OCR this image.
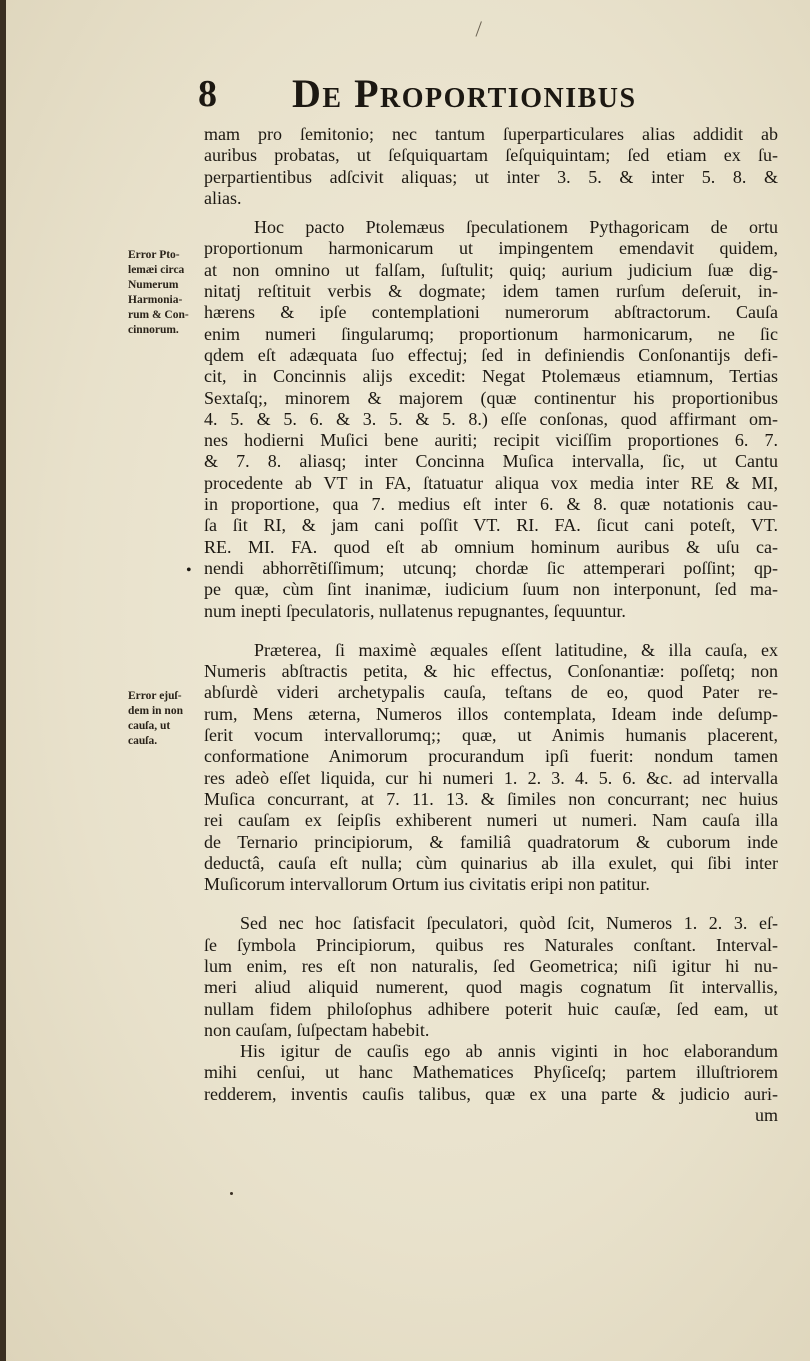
8 De Proportionibus
Error Pto-
lemæi circa
Numerum
Harmonia-
rum & Con-
cinnorum.
Error ejuſ-
dem in non
cauſa, ut
cauſa.
•
mam pro ſemitonio; nec tantum ſuperparticulares alias addidit ab
auribus probatas, ut ſeſquiquartam ſeſquiquintam; ſed etiam ex ſu-
perpartientibus adſcivit aliquas; ut inter 3. 5. & inter 5. 8. &
alias.
Hoc pacto Ptolemæus ſpeculationem Pythagoricam de ortu
proportionum harmonicarum ut impingentem emendavit quidem,
at non omnino ut falſam, ſuſtulit; quiq; aurium judicium ſuæ dig-
nitatj reſtituit verbis & dogmate; idem tamen rurſum deſeruit, in-
hærens & ipſe contemplationi numerorum abſtractorum. Cauſa
enim numeri ſingularumq; proportionum harmonicarum, ne ſic
qdem eſt adæquata ſuo effectuj; ſed in definiendis Conſonantijs defi-
cit, in Concinnis alijs excedit: Negat Ptolemæus etiamnum, Tertias
Sextaſq;, minorem & majorem (quæ continentur his proportionibus
4. 5. & 5. 6. & 3. 5. & 5. 8.) eſſe conſonas, quod affirmant om-
nes hodierni Muſici bene auriti; recipit viciſſim proportiones 6. 7.
& 7. 8. aliasq; inter Concinna Muſica intervalla, ſic, ut Cantu
procedente ab VT in FA, ſtatuatur aliqua vox media inter RE & MI,
in proportione, qua 7. medius eſt inter 6. & 8. quæ notationis cau-
ſa ſit RI, & jam cani poſſit VT. RI. FA. ſicut cani poteſt, VT.
RE. MI. FA. quod eſt ab omnium hominum auribus & uſu ca-
nendi abhorrẽtiſſimum; utcunq; chordæ ſic attemperari poſſint; qp-
pe quæ, cùm ſint inanimæ, iudicium ſuum non interponunt, ſed ma-
num inepti ſpeculatoris, nullatenus repugnantes, ſequuntur.
Præterea, ſi maximè æquales eſſent latitudine, & illa cauſa, ex
Numeris abſtractis petita, & hic effectus, Conſonantiæ: poſſetq; non
abſurdè videri archetypalis cauſa, teſtans de eo, quod Pater re-
rum, Mens æterna, Numeros illos contemplata, Ideam inde deſump-
ſerit vocum intervallorumq;; quæ, ut Animis humanis placerent,
conformatione Animorum procurandum ipſi fuerit: nondum tamen
res adeò eſſet liquida, cur hi numeri 1. 2. 3. 4. 5. 6. &c. ad intervalla
Muſica concurrant, at 7. 11. 13. & ſimiles non concurrant; nec huius
rei cauſam ex ſeipſis exhiberent numeri ut numeri. Nam cauſa illa
de Ternario principiorum, & familiâ quadratorum & cuborum inde
deductâ, cauſa eſt nulla; cùm quinarius ab illa exulet, qui ſibi inter
Muſicorum intervallorum Ortum ius civitatis eripi non patitur.
Sed nec hoc ſatisfacit ſpeculatori, quòd ſcit, Numeros 1. 2. 3. eſ-
ſe ſymbola Principiorum, quibus res Naturales conſtant. Interval-
lum enim, res eſt non naturalis, ſed Geometrica; niſi igitur hi nu-
meri aliud aliquid numerent, quod magis cognatum ſit intervallis,
nullam fidem philoſophus adhibere poterit huic cauſæ, ſed eam, ut
non cauſam, ſuſpectam habebit.
His igitur de cauſis ego ab annis viginti in hoc elaborandum
mihi cenſui, ut hanc Mathematices Phyſiceſq; partem illuſtriorem
redderem, inventis cauſis talibus, quæ ex una parte & judicio auri-
um
